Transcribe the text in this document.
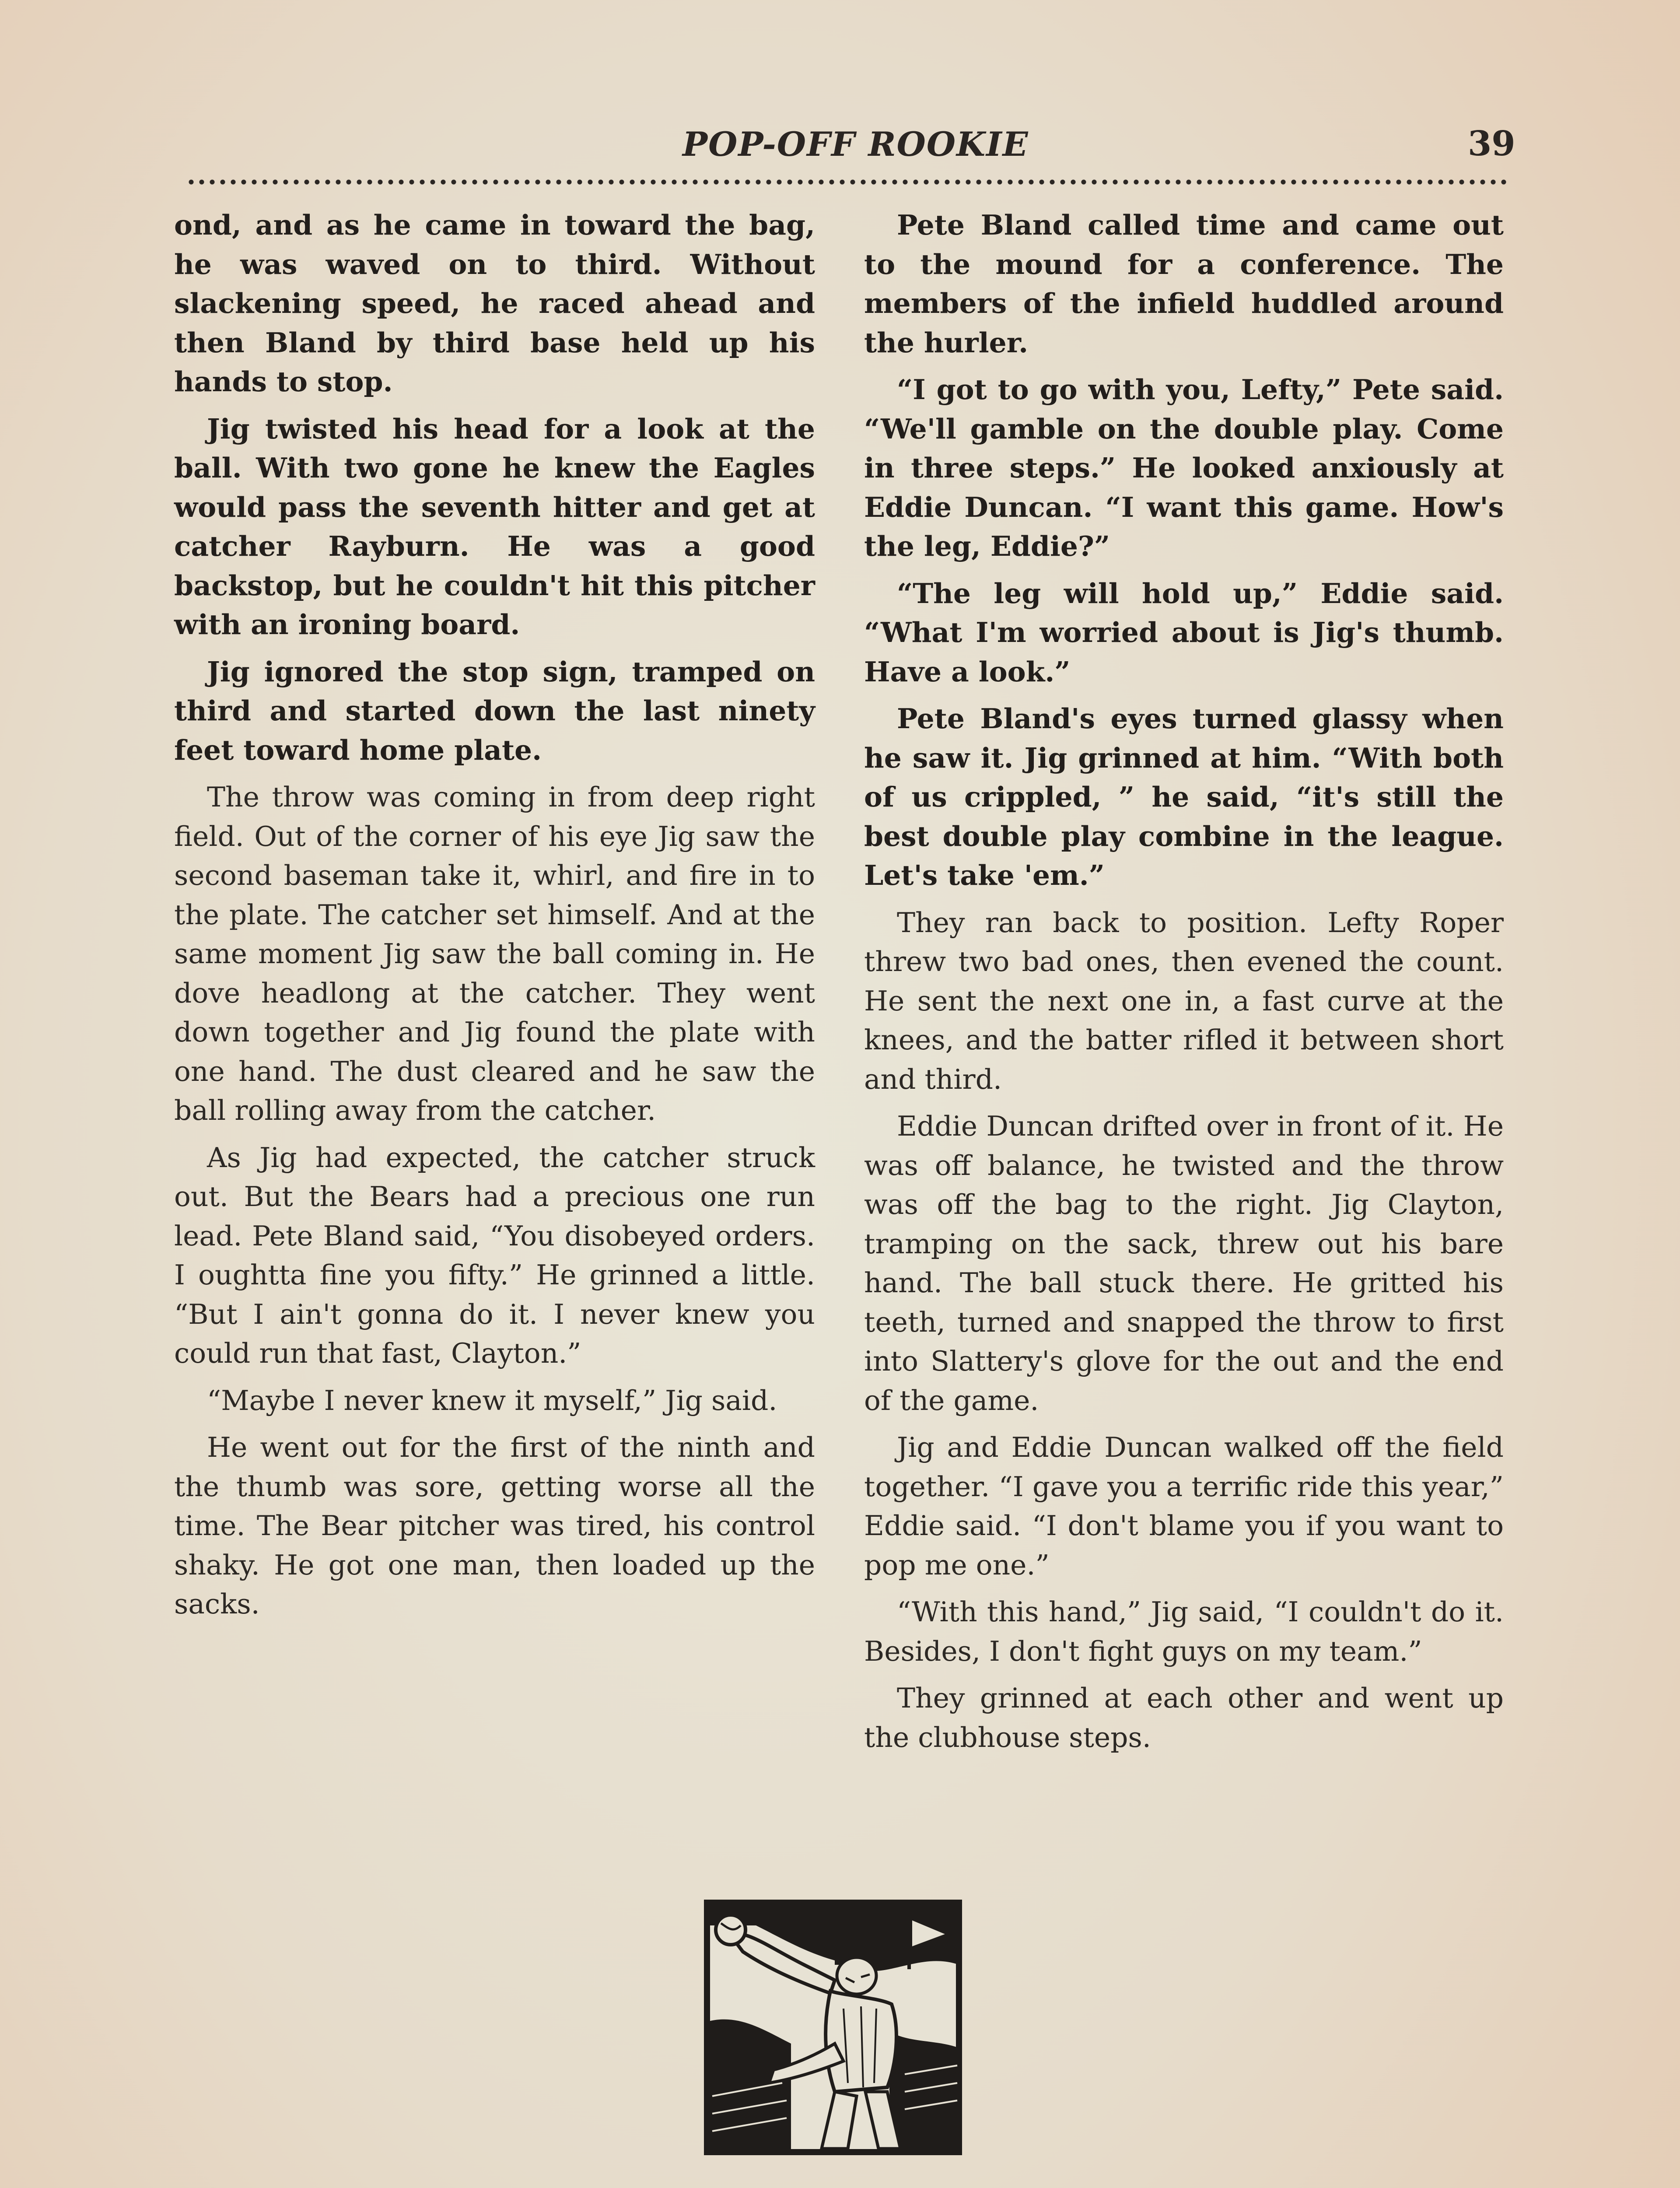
POP-OFF ROOKIE	39

ond, and as he came in toward the bag, he was waved on to third. Without slackening speed, he raced ahead and then Bland by third base held up his hands to stop.

Jig twisted his head for a look at the ball. With two gone he knew the Eagles would pass the seventh hitter and get at catcher Rayburn. He was a good backstop, but he couldn't hit this pitcher with an ironing board.

Jig ignored the stop sign, tramped on third and started down the last ninety feet toward home plate.

The throw was coming in from deep right field. Out of the corner of his eye Jig saw the second baseman take it, whirl, and fire in to the plate. The catcher set himself. And at the same moment Jig saw the ball coming in. He dove headlong at the catcher. They went down together and Jig found the plate with one hand. The dust cleared and he saw the ball rolling away from the catcher.

As Jig had expected, the catcher struck out. But the Bears had a precious one run lead. Pete Bland said, “You disobeyed orders. I oughtta fine you fifty.” He grinned a little. “But I ain't gonna do it. I never knew you could run that fast, Clayton.”

“Maybe I never knew it myself,” Jig said.

He went out for the first of the ninth and the thumb was sore, getting worse all the time. The Bear pitcher was tired, his control shaky. He got one man, then loaded up the sacks.

Pete Bland called time and came out to the mound for a conference. The members of the infield huddled around the hurler.

“I got to go with you, Lefty,” Pete said. “We'll gamble on the double play. Come in three steps.” He looked anxiously at Eddie Duncan. “I want this game. How's the leg, Eddie?”

“The leg will hold up,” Eddie said. “What I'm worried about is Jig's thumb. Have a look.”

Pete Bland's eyes turned glassy when he saw it. Jig grinned at him. “With both of us crippled, ” he said, “it's still the best double play combine in the league. Let's take 'em.”

They ran back to position. Lefty Roper threw two bad ones, then evened the count. He sent the next one in, a fast curve at the knees, and the batter rifled it between short and third.

Eddie Duncan drifted over in front of it. He was off balance, he twisted and the throw was off the bag to the right. Jig Clayton, tramping on the sack, threw out his bare hand. The ball stuck there. He gritted his teeth, turned and snapped the throw to first into Slattery's glove for the out and the end of the game.

Jig and Eddie Duncan walked off the field together. “I gave you a terrific ride this year,” Eddie said. “I don't blame you if you want to pop me one.”

“With this hand,” Jig said, “I couldn't do it. Besides, I don't fight guys on my team.”

They grinned at each other and went up the clubhouse steps.
